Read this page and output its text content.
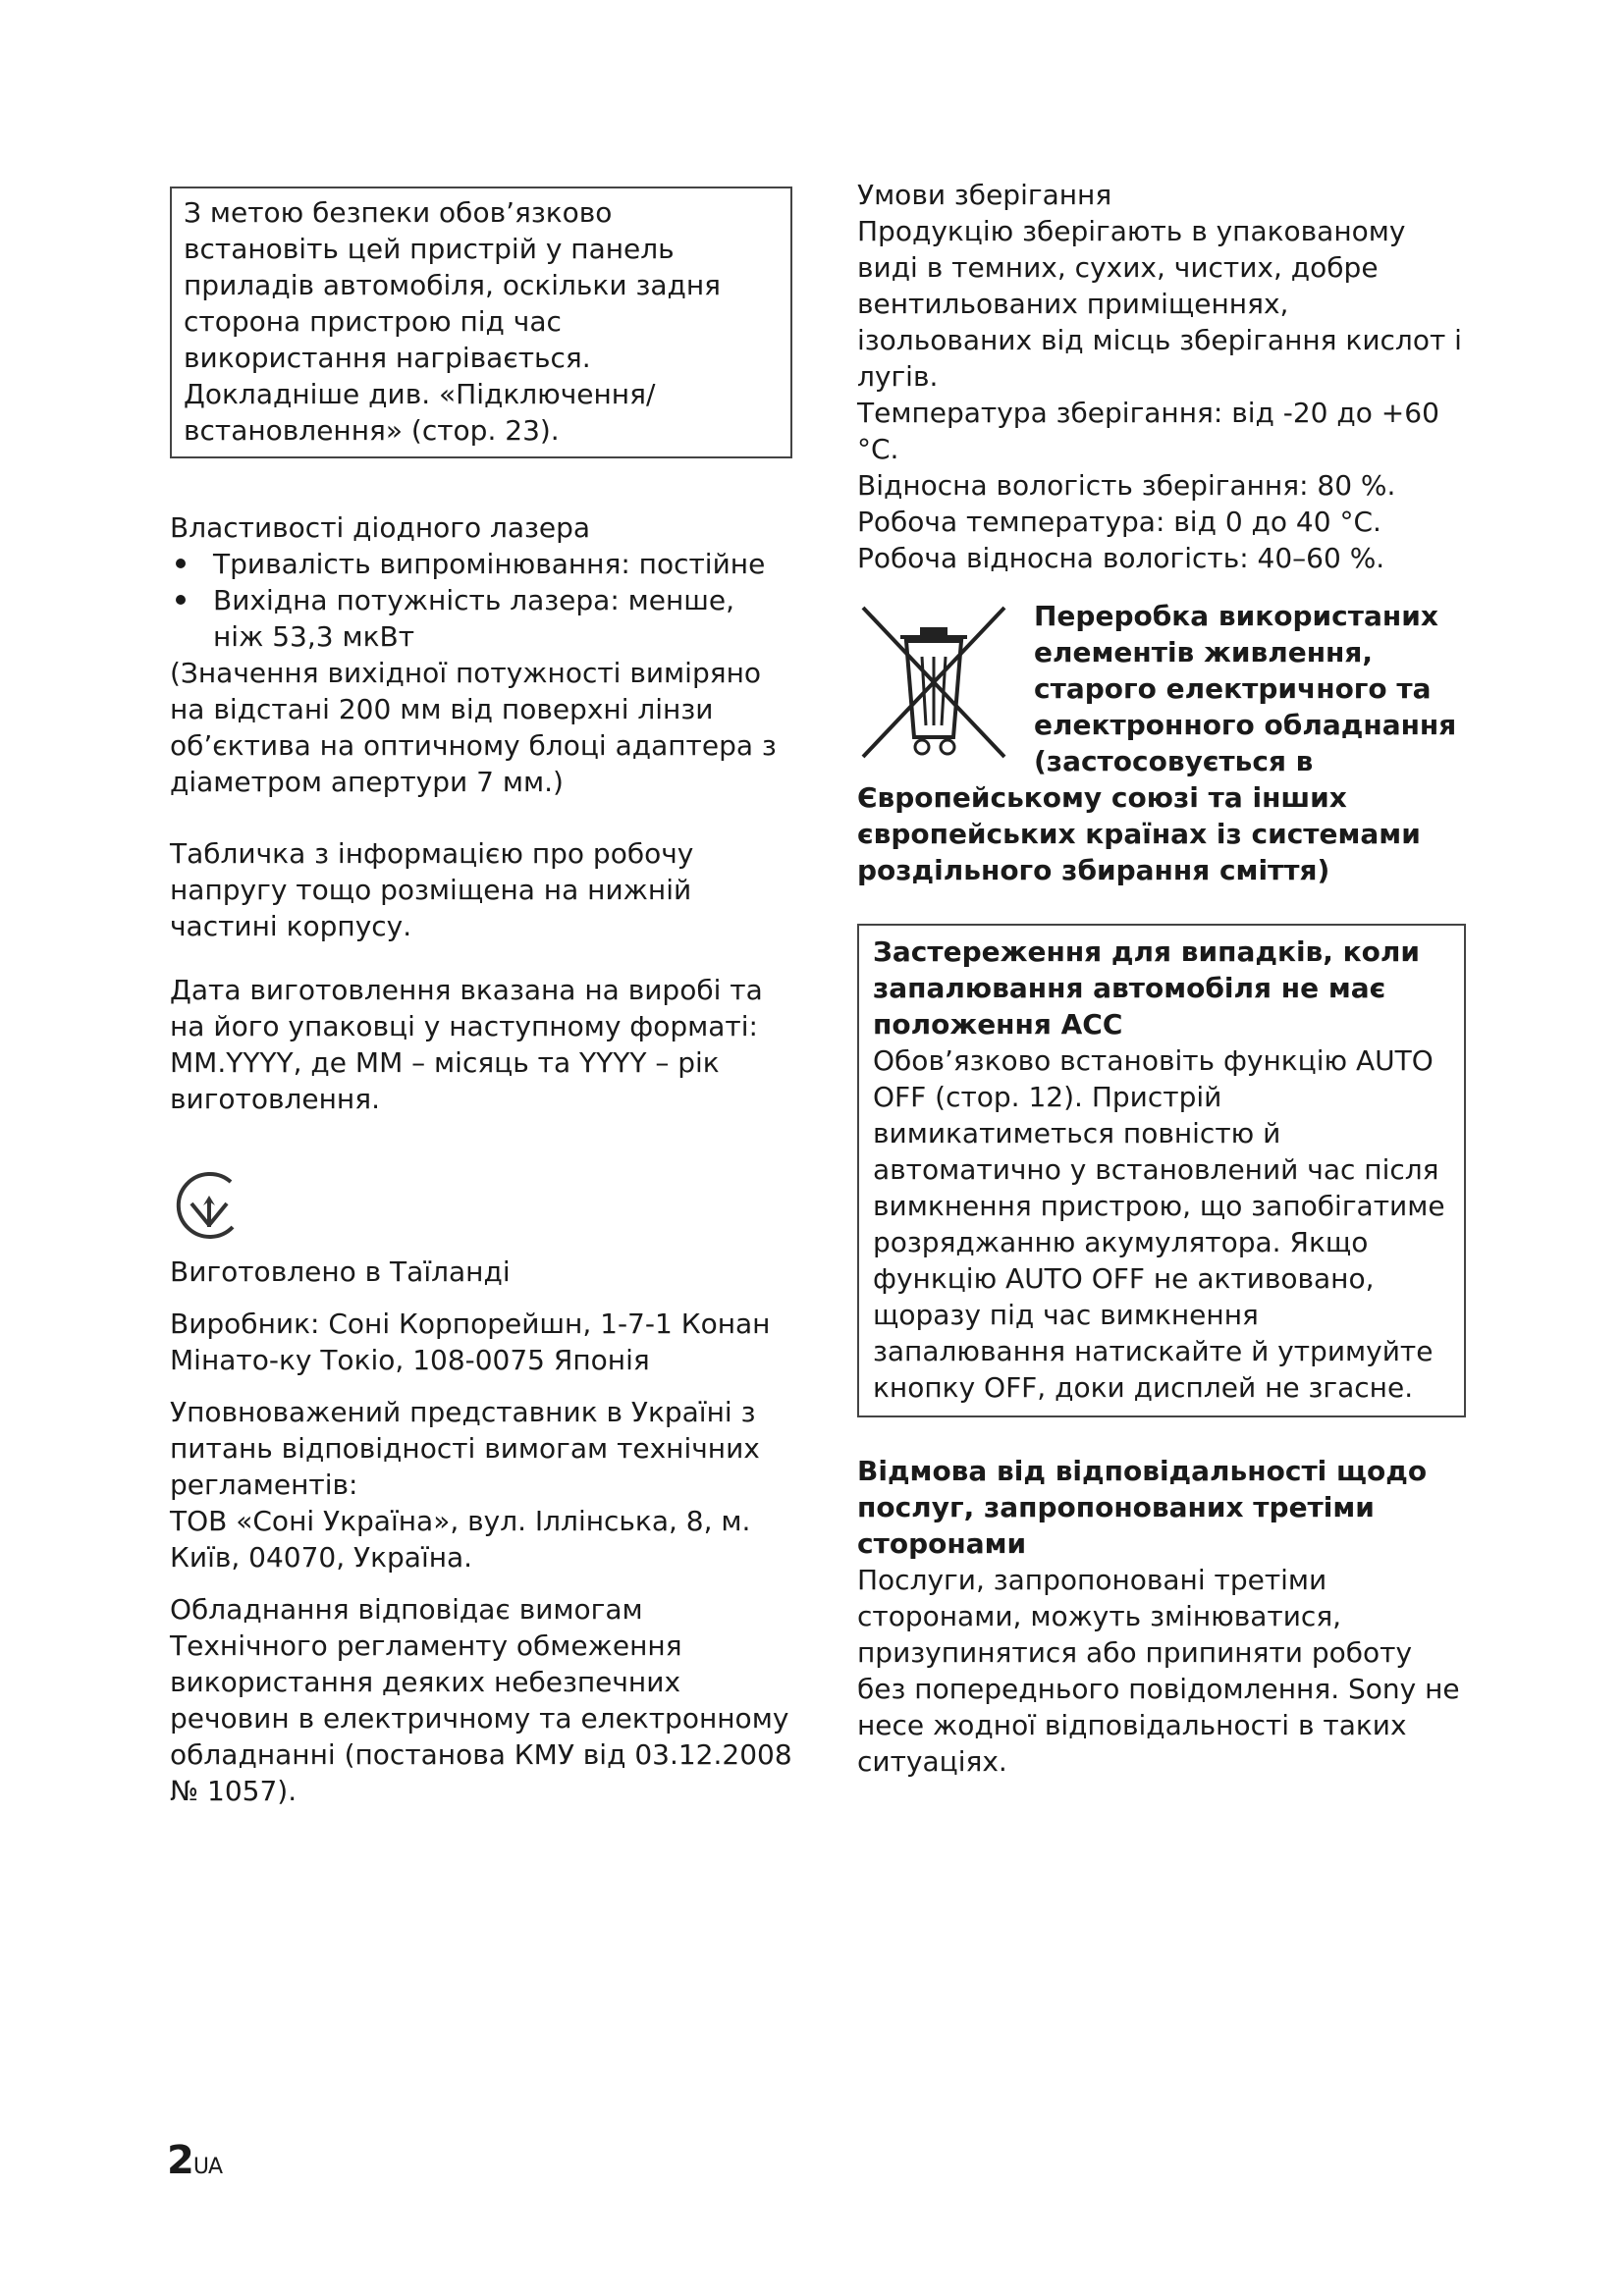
З метою безпеки обов’язково
встановіть цей пристрій у панель
приладів автомобіля, оскільки задня
сторона пристрою під час
використання нагрівається.
Докладніше див. «Підключення/
встановлення» (стор. 23).

Властивості діодного лазера

Тривалість випромінювання: постійне
Вихідна потужність лазера: менше, ніж 53,3 мкВт

(Значення вихідної потужності виміряно на відстані 200 мм від поверхні лінзи об’єктива на оптичному блоці адаптера з діаметром апертури 7 мм.)

Табличка з інформацією про робочу напругу тощо розміщена на нижній частині корпусу.

Дата виготовлення вказана на виробі та на його упаковці у наступному форматі: MM.YYYY, де MM – місяць та YYYY – рік виготовлення.

Виготовлено в Таїланді

Виробник: Соні Корпорейшн, 1-7-1 Конан Мінато-ку Токіо, 108-0075 Японія

Уповноважений представник в Україні з питань відповідності вимогам технічних регламентів:

ТОВ «Соні Україна», вул. Іллінська, 8, м. Київ, 04070, Україна.

Обладнання відповідає вимогам Технічного регламенту обмеження використання деяких небезпечних речовин в електричному та електронному обладнанні (постанова КМУ від 03.12.2008 № 1057).

Умови зберігання

Продукцію зберігають в упакованому виді в темних, сухих, чистих, добре вентильованих приміщеннях, ізольованих від місць зберігання кислот і лугів.

Температура зберігання: від -20 до +60 °C.

Відносна вологість зберігання: 80 %.

Робоча температура: від 0 до 40 °C.

Робоча відносна вологість: 40–60 %.

Переробка використаних елементів живлення, старого електричного та електронного обладнання (застосовується в Європейському союзі та інших європейських країнах із системами роздільного збирання сміття)

Застереження для випадків, коли запалювання автомобіля не має положення ACC
Обов’язково встановіть функцію AUTO OFF (стор. 12). Пристрій вимикатиметься повністю й автоматично у встановлений час після вимкнення пристрою, що запобігатиме розряджанню акумулятора. Якщо функцію AUTO OFF не активовано, щоразу під час вимкнення запалювання натискайте й утримуйте кнопку OFF, доки дисплей не згасне.
Відмова від відповідальності щодо послуг, запропонованих третіми сторонами
Послуги, запропоновані третіми сторонами, можуть змінюватися, призупинятися або припиняти роботу без попереднього повідомлення. Sony не несе жодної відповідальності в таких ситуаціях.
2UA
